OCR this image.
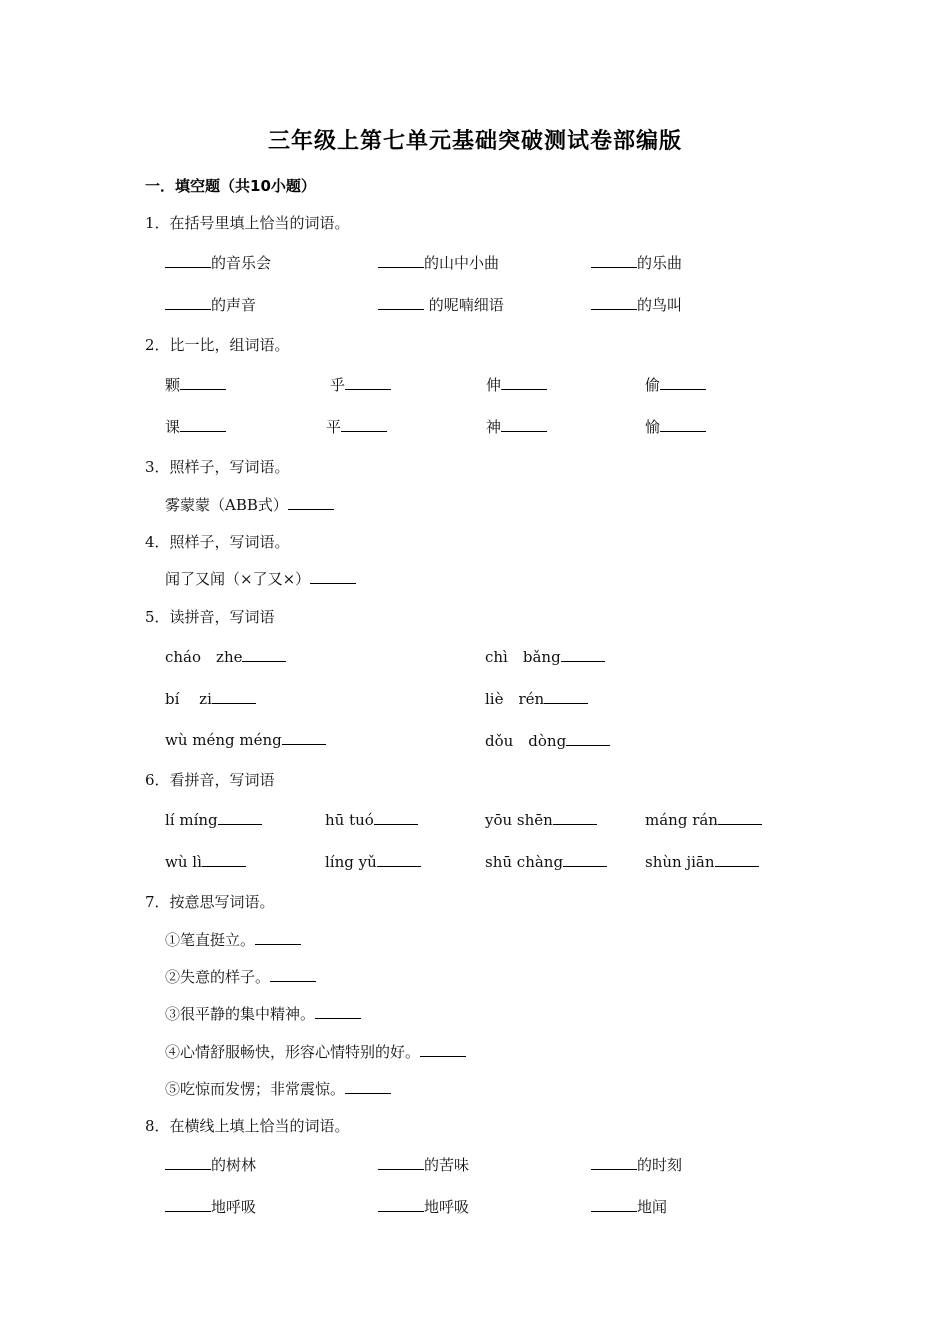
三年级上第七单元基础突破测试卷部编版
一．填空题（共10小题）
1．在括号里填上恰当的词语。
的音乐会	的山中小曲	的乐曲
的声音	的呢喃细语	的鸟叫
2．比一比，组词语。
颗	乎	伸	偷
课	平	神	愉
3．照样子，写词语。
雾蒙蒙（ABB式）
4．照样子，写词语。
闻了又闻（×了又×）
5．读拼音，写词语
cháo　zhe	chì　bǎng
bí　 zi	liè　rén
wù méng méng	dǒu　dòng
6．看拼音，写词语
lí míng	hū tuó	yōu shēn	máng rán
wù lì	líng yǔ	shū chàng	shùn jiān
7．按意思写词语。
①笔直挺立。
②失意的样子。
③很平静的集中精神。
④心情舒服畅快，形容心情特别的好。
⑤吃惊而发愣；非常震惊。
8．在横线上填上恰当的词语。
的树林	的苦味	的时刻
地呼吸	地呼吸	地闻
